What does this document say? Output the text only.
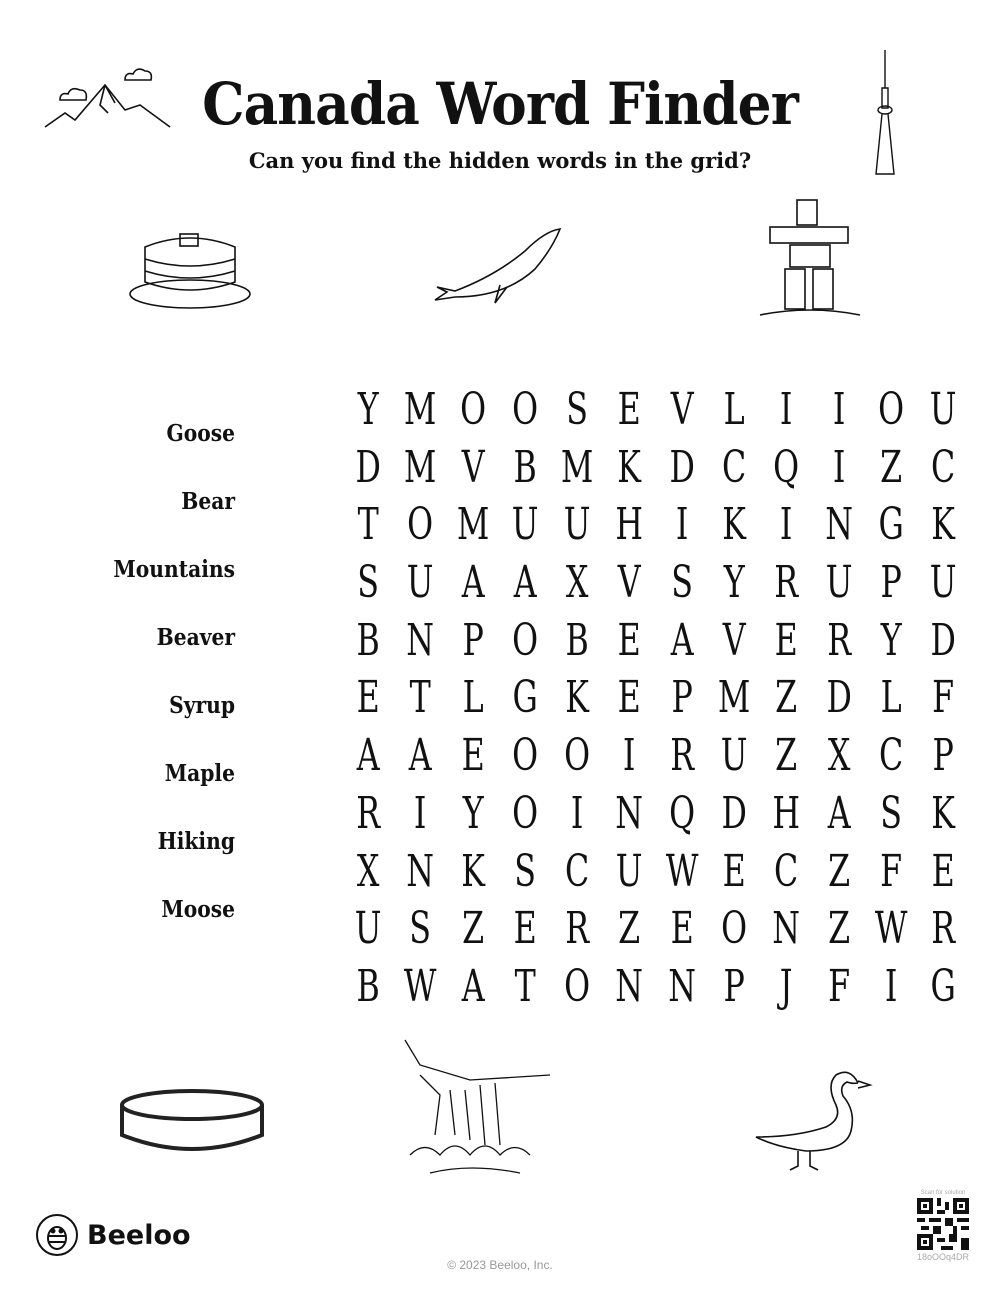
Canada Word Finder
Can you find the hidden words in the grid?
Goose
Bear
Mountains
Beaver
Syrup
Maple
Hiking
Moose
Y M O O S E V L I I O U
D M V B M K D C Q I Z C
T O M U U H I K I N G K
S U A A X V S Y R U P U
B N P O B E A V E R Y D
E T L G K E P M Z D L F
A A E O O I R U Z X C P
R I Y O I N Q D H A S K
X N K S C U W E C Z F E
U S Z E R Z E O N Z W R
B W A T O N N P J F I G
Beeloo
© 2023 Beeloo, Inc.
Scan for solution
18oOOq4DR
